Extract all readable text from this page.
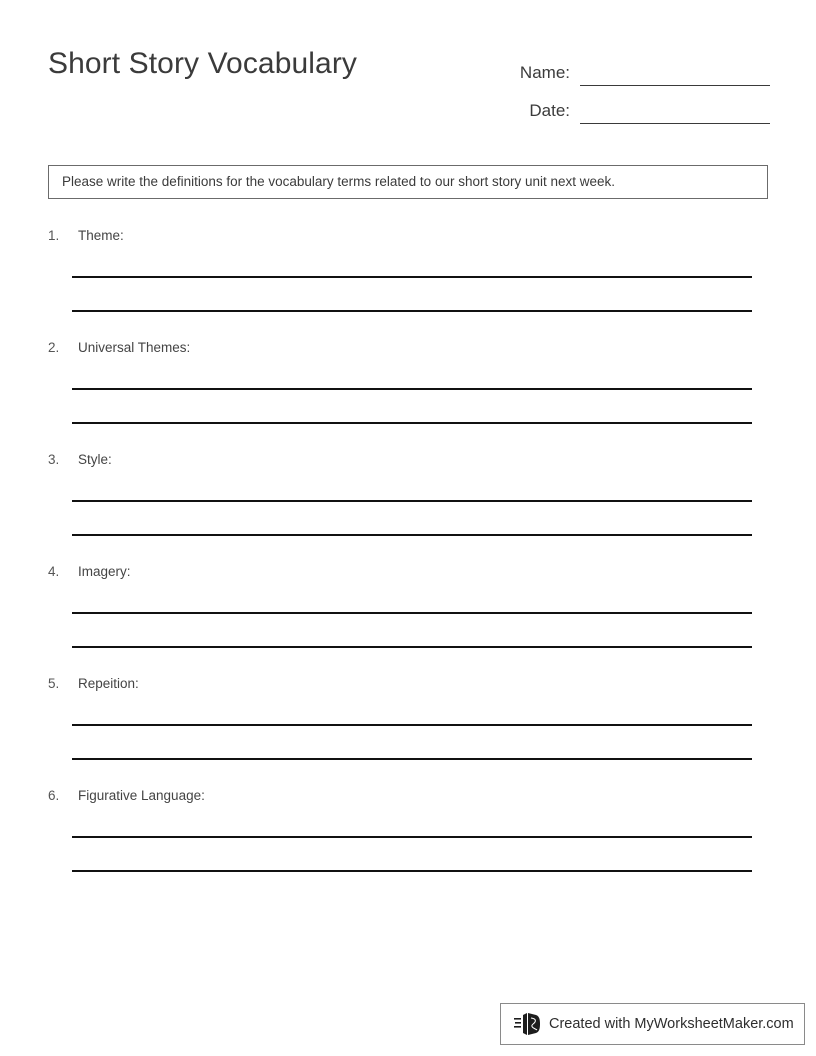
Short Story Vocabulary	Name:
Date:
Please write the definitions for the vocabulary terms related to our short story unit next week.
1.	Theme:
2.	Universal Themes:
3.	Style:
4.	Imagery:
5.	Repeition:
6.	Figurative Language:
Created with MyWorksheetMaker.com
